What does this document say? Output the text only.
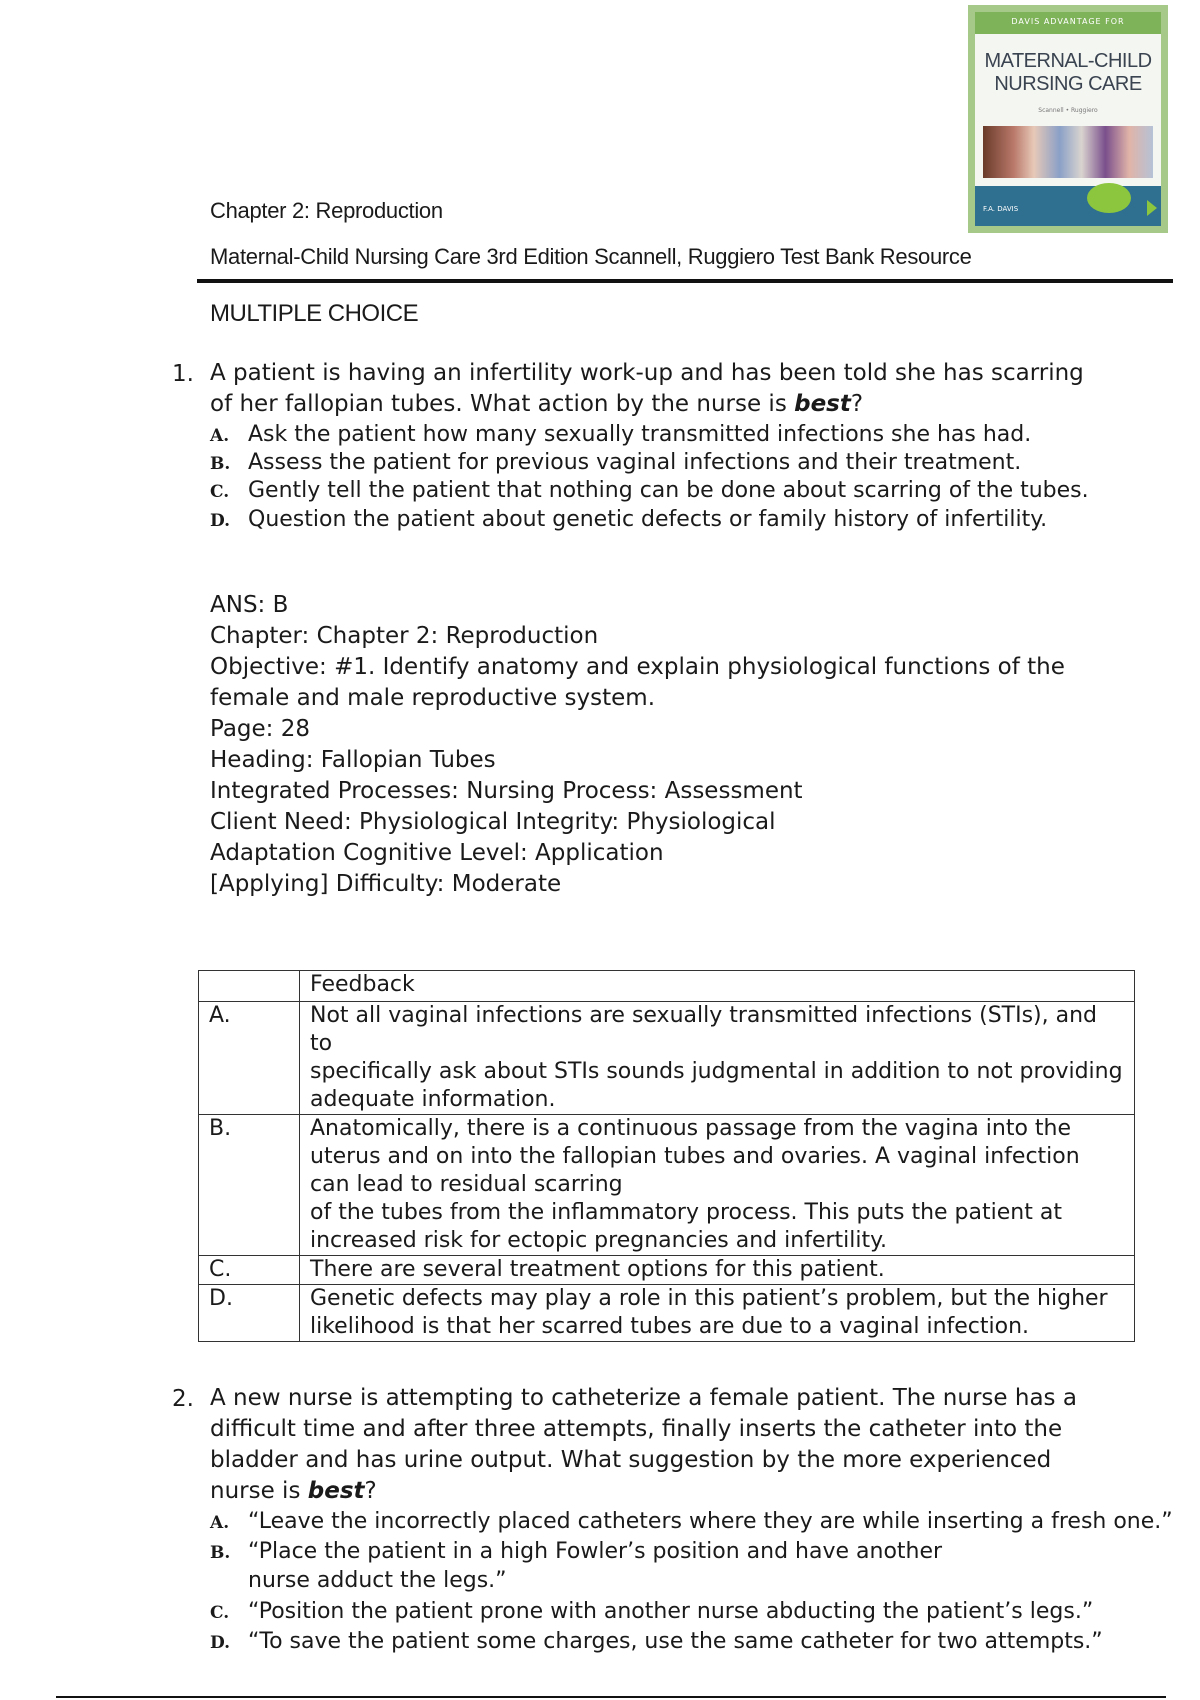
DAVIS ADVANTAGE FOR
MATERNAL-CHILD
NURSING CARE
Scannell • Ruggiero
F.A. DAVIS
Chapter 2: Reproduction
Maternal-Child Nursing Care 3rd Edition Scannell, Ruggiero Test Bank Resource
MULTIPLE CHOICE
1. A patient is having an infertility work-up and has been told she has scarring
of her fallopian tubes. What action by the nurse is best?
A. Ask the patient how many sexually transmitted infections she has had.
B. Assess the patient for previous vaginal infections and their treatment.
C. Gently tell the patient that nothing can be done about scarring of the tubes.
D. Question the patient about genetic defects or family history of infertility.
ANS: B
Chapter: Chapter 2: Reproduction
Objective: #1. Identify anatomy and explain physiological functions of the
female and male reproductive system.
Page: 28
Heading: Fallopian Tubes
Integrated Processes: Nursing Process: Assessment
Client Need: Physiological Integrity: Physiological
Adaptation Cognitive Level: Application
[Applying] Difficulty: Moderate
	Feedback
A.	Not all vaginal infections are sexually transmitted infections (STIs), and to
specifically ask about STIs sounds judgmental in addition to not providing
adequate information.

B.	Anatomically, there is a continuous passage from the vagina into the
uterus and on into the fallopian tubes and ovaries. A vaginal infection
can lead to residual scarring
of the tubes from the inflammatory process. This puts the patient at
increased risk for ectopic pregnancies and infertility.

C.	There are several treatment options for this patient.

D.	Genetic defects may play a role in this patient’s problem, but the higher
likelihood is that her scarred tubes are due to a vaginal infection.
2. A new nurse is attempting to catheterize a female patient. The nurse has a
difficult time and after three attempts, finally inserts the catheter into the
bladder and has urine output. What suggestion by the more experienced
nurse is best?
A. “Leave the incorrectly placed catheters where they are while inserting a fresh one.”
B. “Place the patient in a high Fowler’s position and have another
nurse adduct the legs.”
C. “Position the patient prone with another nurse abducting the patient’s legs.”
D. “To save the patient some charges, use the same catheter for two attempts.”
